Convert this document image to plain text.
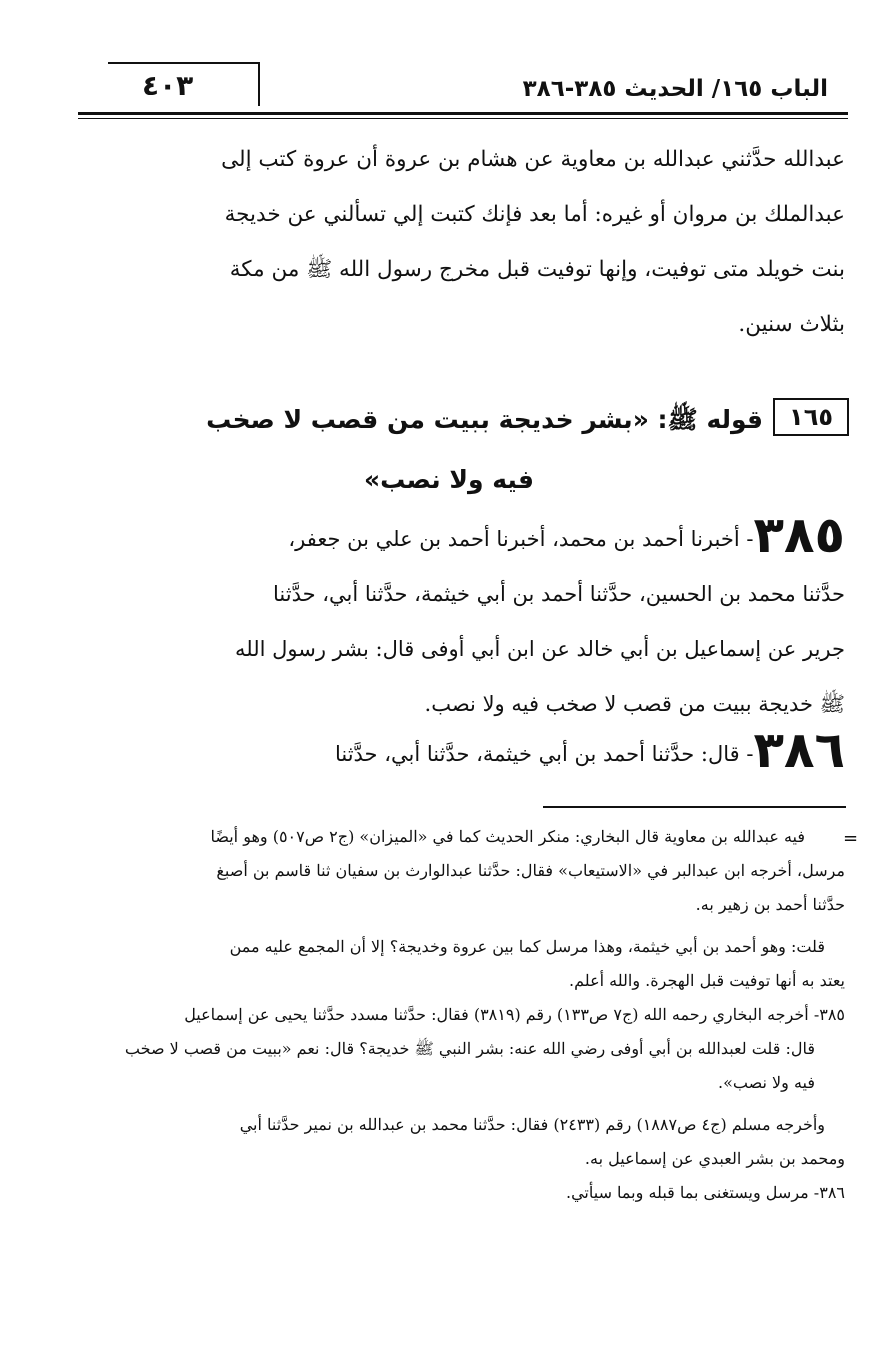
الباب ١٦٥/ الحديث ٣٨٥-٣٨٦
٤٠٣
عبدالله حدَّثني عبدالله بن معاوية عن هشام بن عروة أن عروة كتب إلى
عبدالملك بن مروان أو غيره: أما بعد فإنك كتبت إلي تسألني عن خديجة
بنت خويلد متى توفيت، وإنها توفيت قبل مخرج رسول الله ﷺ من مكة
بثلاث سنين.
١٦٥قوله ﷺ: «بشر خديجة ببيت من قصب لا صخب
فيه ولا نصب»
٣٨٥- أخبرنا أحمد بن محمد، أخبرنا أحمد بن علي بن جعفر،
حدَّثنا محمد بن الحسين، حدَّثنا أحمد بن أبي خيثمة، حدَّثنا أبي، حدَّثنا
جرير عن إسماعيل بن أبي خالد عن ابن أبي أوفى قال: بشر رسول الله
ﷺ خديجة ببيت من قصب لا صخب فيه ولا نصب.
٣٨٦- قال: حدَّثنا أحمد بن أبي خيثمة، حدَّثنا أبي، حدَّثنا
=
فيه عبدالله بن معاوية قال البخاري: منكر الحديث كما في «الميزان» (ج٢ ص٥٠٧) وهو أيضًا
مرسل، أخرجه ابن عبدالبر في «الاستيعاب» فقال: حدَّثنا عبدالوارث بن سفيان ثنا قاسم بن أصبغ
حدَّثنا أحمد بن زهير به.
قلت: وهو أحمد بن أبي خيثمة، وهذا مرسل كما بين عروة وخديجة؟ إلا أن المجمع عليه ممن
يعتد به أنها توفيت قبل الهجرة. والله أعلم.
٣٨٥- أخرجه البخاري رحمه الله (ج٧ ص١٣٣) رقم (٣٨١٩) فقال: حدَّثنا مسدد حدَّثنا يحيى عن إسماعيل
قال: قلت لعبدالله بن أبي أوفى رضي الله عنه: بشر النبي ﷺ خديجة؟ قال: نعم «ببيت من قصب لا صخب
فيه ولا نصب».
وأخرجه مسلم (ج٤ ص١٨٨٧) رقم (٢٤٣٣) فقال: حدَّثنا محمد بن عبدالله بن نمير حدَّثنا أبي
ومحمد بن بشر العبدي عن إسماعيل به.
٣٨٦- مرسل ويستغنى بما قبله وبما سيأتي.
